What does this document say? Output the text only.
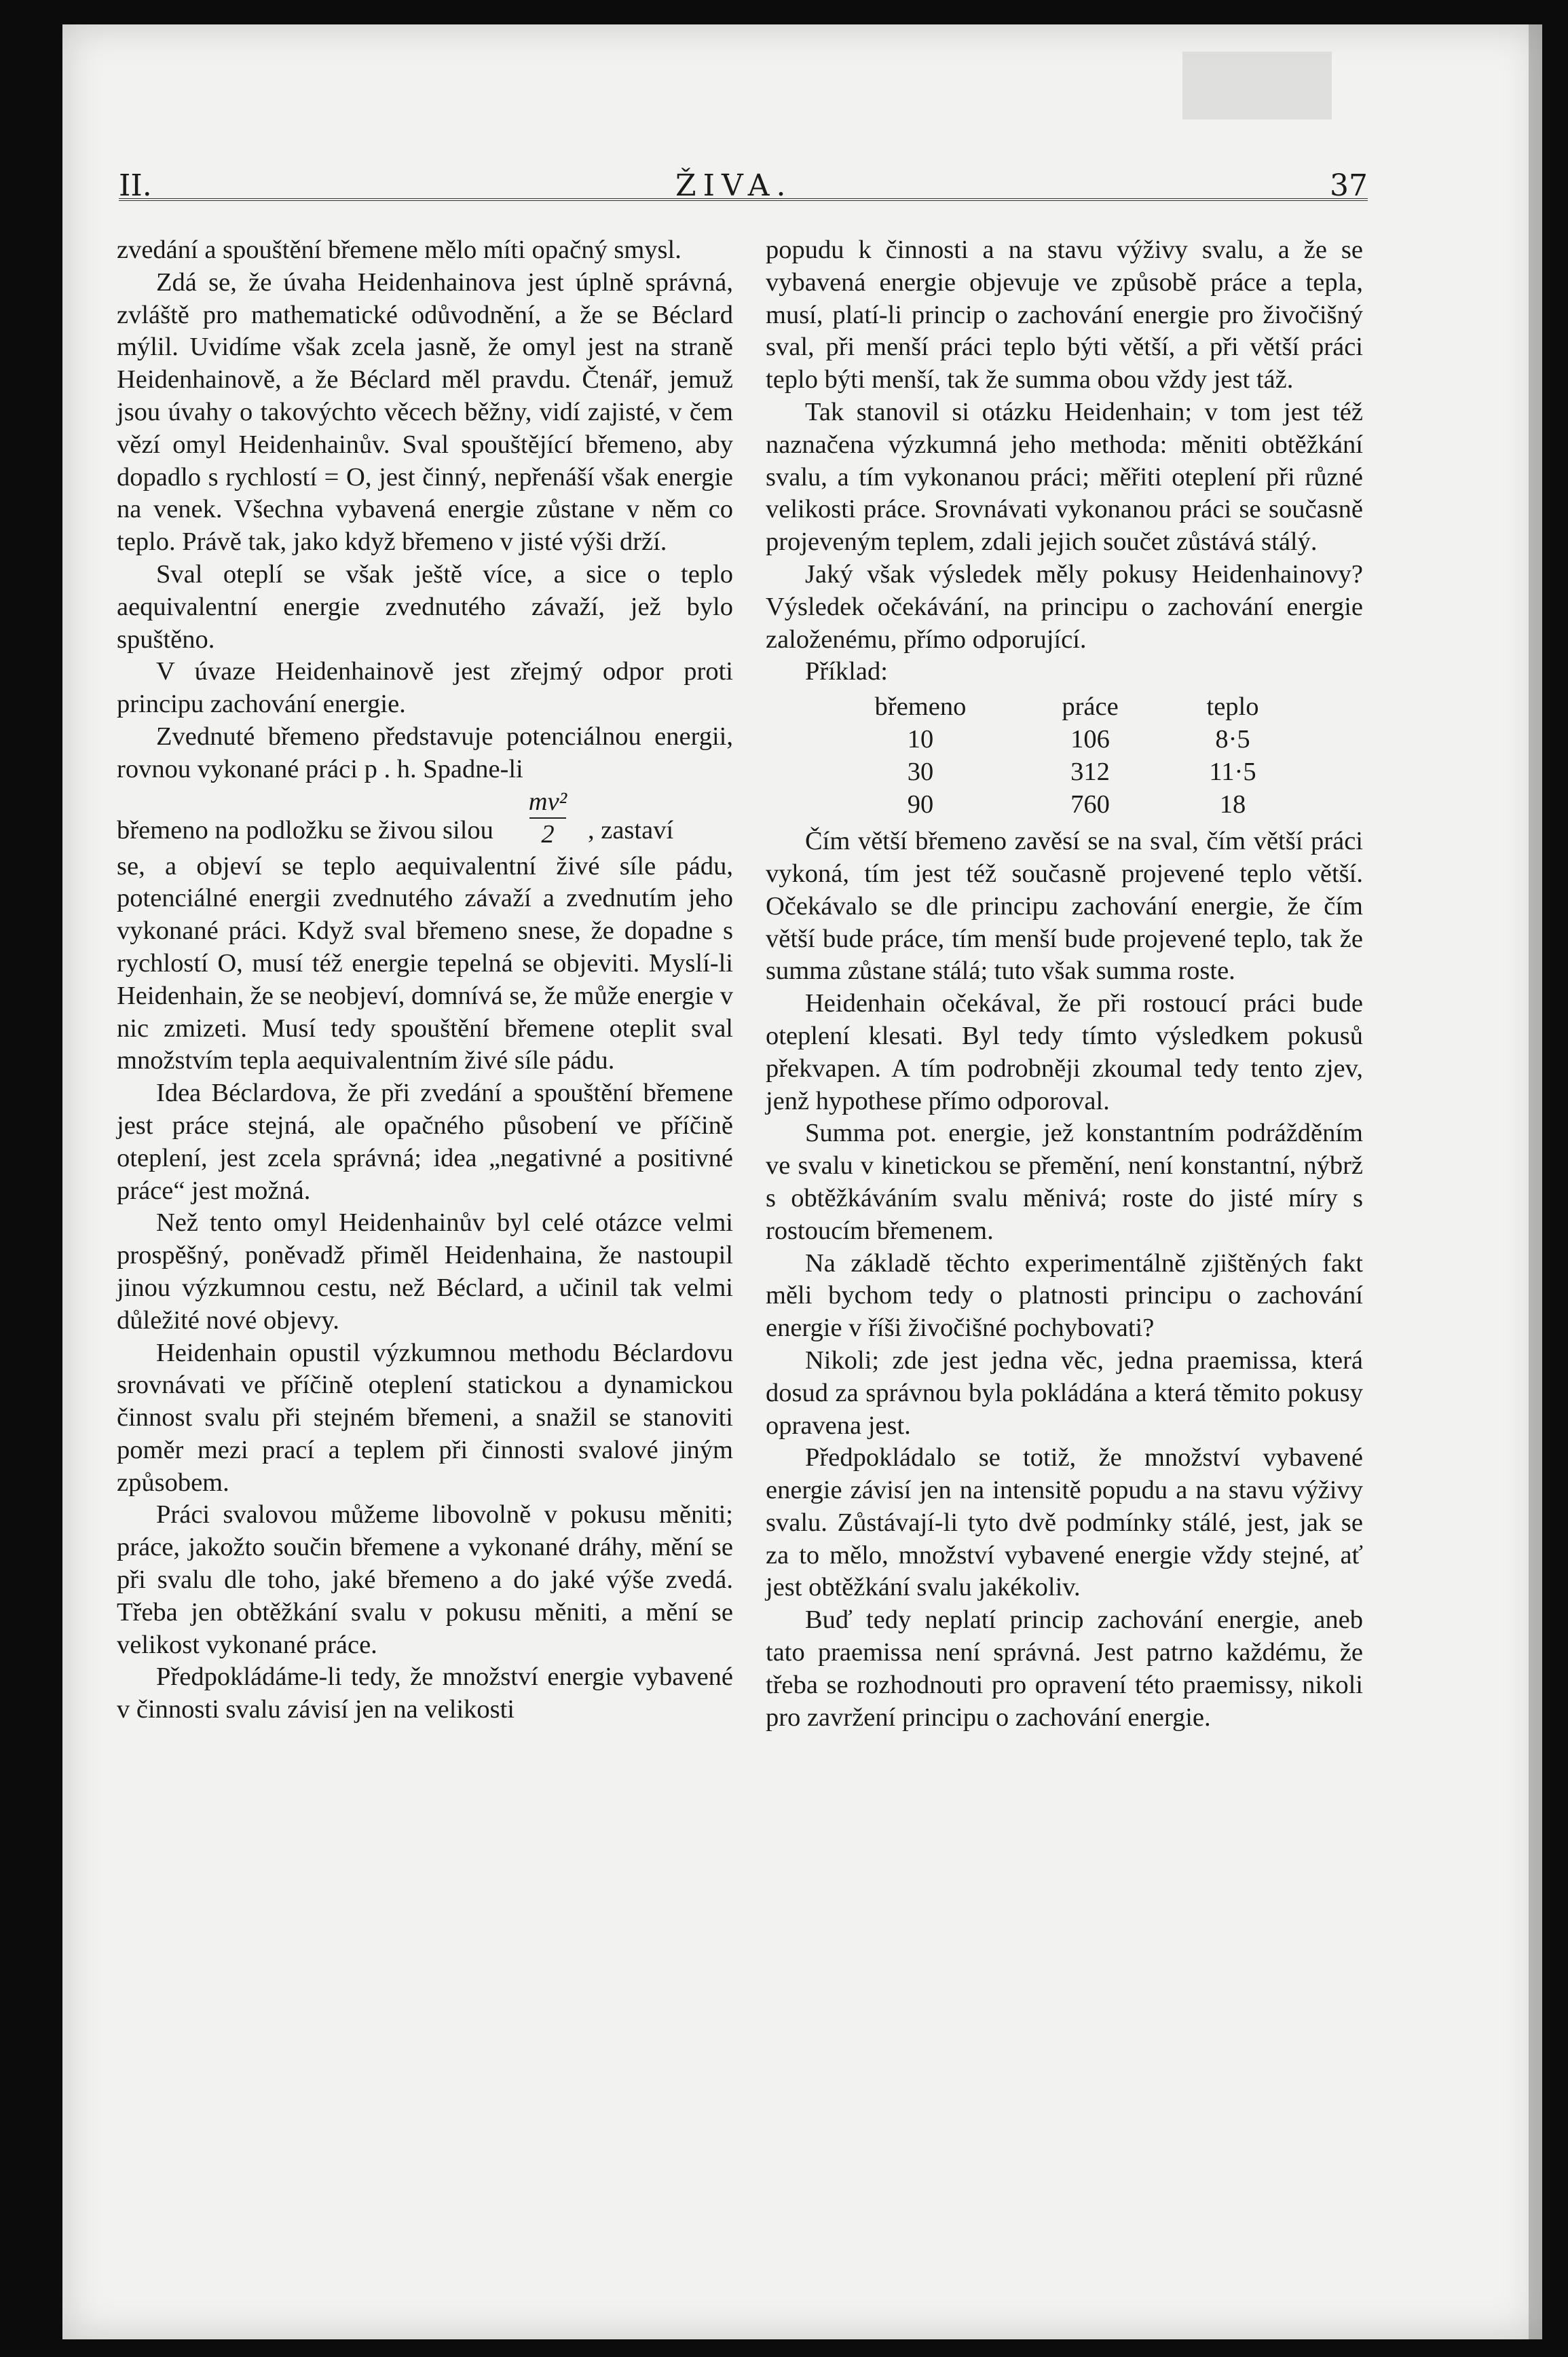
II.	ŽIVA.	37

zvedání a spouštění břemene mělo míti opačný smysl.

Zdá se, že úvaha Heidenhainova jest úplně správná, zvláště pro mathematické odůvodnění, a že se Béclard mýlil. Uvidíme však zcela jasně, že omyl jest na straně Heidenhainově, a že Béclard měl pravdu. Čtenář, jemuž jsou úvahy o takovýchto věcech běžny, vidí zajisté, v čem vězí omyl Heidenhainův. Sval spouštějící břemeno, aby dopadlo s rychlostí = O, jest činný, nepřenáší však energie na venek. Všechna vybavená energie zůstane v něm co teplo. Právě tak, jako když břemeno v jisté výši drží.

Sval oteplí se však ještě více, a sice o teplo aequivalentní energie zvednutého závaží, jež bylo spuštěno.

V úvaze Heidenhainově jest zřejmý odpor proti principu zachování energie.

Zvednuté břemeno představuje potenciálnou energii, rovnou vykonané práci p . h. Spadne-li

břemeno na podložku se živou silou
mv²
2	, zastaví

se, a objeví se teplo aequivalentní živé síle pádu, potenciálné energii zvednutého závaží a zvednutím jeho vykonané práci. Když sval břemeno snese, že dopadne s rychlostí O, musí též energie tepelná se objeviti. Myslí-li Heidenhain, že se neobjeví, domnívá se, že může energie v nic zmizeti. Musí tedy spouštění břemene oteplit sval množstvím tepla aequivalentním živé síle pádu.

Idea Béclardova, že při zvedání a spouštění břemene jest práce stejná, ale opačného působení ve příčině oteplení, jest zcela správná; idea „negativné a positivné práce“ jest možná.

Než tento omyl Heidenhainův byl celé otázce velmi prospěšný, poněvadž přiměl Heidenhaina, že nastoupil jinou výzkumnou cestu, než Béclard, a učinil tak velmi důležité nové objevy.

Heidenhain opustil výzkumnou methodu Béclardovu srovnávati ve příčině oteplení statickou a dynamickou činnost svalu při stejném břemeni, a snažil se stanoviti poměr mezi prací a teplem při činnosti svalové jiným způsobem.

Práci svalovou můžeme libovolně v pokusu měniti; práce, jakožto součin břemene a vykonané dráhy, mění se při svalu dle toho, jaké břemeno a do jaké výše zvedá. Třeba jen obtěžkání svalu v pokusu měniti, a mění se velikost vykonané práce.

Předpokládáme-li tedy, že množství energie vybavené v činnosti svalu závisí jen na velikosti

popudu k činnosti a na stavu výživy svalu, a že se vybavená energie objevuje ve způsobě práce a tepla, musí, platí-li princip o zachování energie pro živočišný sval, při menší práci teplo býti větší, a při větší práci teplo býti menší, tak že summa obou vždy jest táž.

Tak stanovil si otázku Heidenhain; v tom jest též naznačena výzkumná jeho methoda: měniti obtěžkání svalu, a tím vykonanou práci; měřiti oteplení při různé velikosti práce. Srovnávati vykonanou práci se současně projeveným teplem, zdali jejich součet zůstává stálý.

Jaký však výsledek měly pokusy Heidenhainovy? Výsledek očekávání, na principu o zachování energie založenému, přímo odporující.

Příklad:

břemeno	práce	teplo
10	106	8·5
30	312	11·5
90	760	18

Čím větší břemeno zavěsí se na sval, čím větší práci vykoná, tím jest též současně projevené teplo větší. Očekávalo se dle principu zachování energie, že čím větší bude práce, tím menší bude projevené teplo, tak že summa zůstane stálá; tuto však summa roste.

Heidenhain očekával, že při rostoucí práci bude oteplení klesati. Byl tedy tímto výsledkem pokusů překvapen. A tím podrobněji zkoumal tedy tento zjev, jenž hypothese přímo odporoval.

Summa pot. energie, jež konstantním podrážděním ve svalu v kinetickou se přemění, není konstantní, nýbrž s obtěžkáváním svalu měnivá; roste do jisté míry s rostoucím břemenem.

Na základě těchto experimentálně zjištěných fakt měli bychom tedy o platnosti principu o zachování energie v říši živočišné pochybovati?

Nikoli; zde jest jedna věc, jedna praemissa, která dosud za správnou byla pokládána a která těmito pokusy opravena jest.

Předpokládalo se totiž, že množství vybavené energie závisí jen na intensitě popudu a na stavu výživy svalu. Zůstávají-li tyto dvě podmínky stálé, jest, jak se za to mělo, množství vybavené energie vždy stejné, ať jest obtěžkání svalu jakékoliv.

Buď tedy neplatí princip zachování energie, aneb tato praemissa není správná. Jest patrno každému, že třeba se rozhodnouti pro opravení této praemissy, nikoli pro zavržení principu o zachování energie.
